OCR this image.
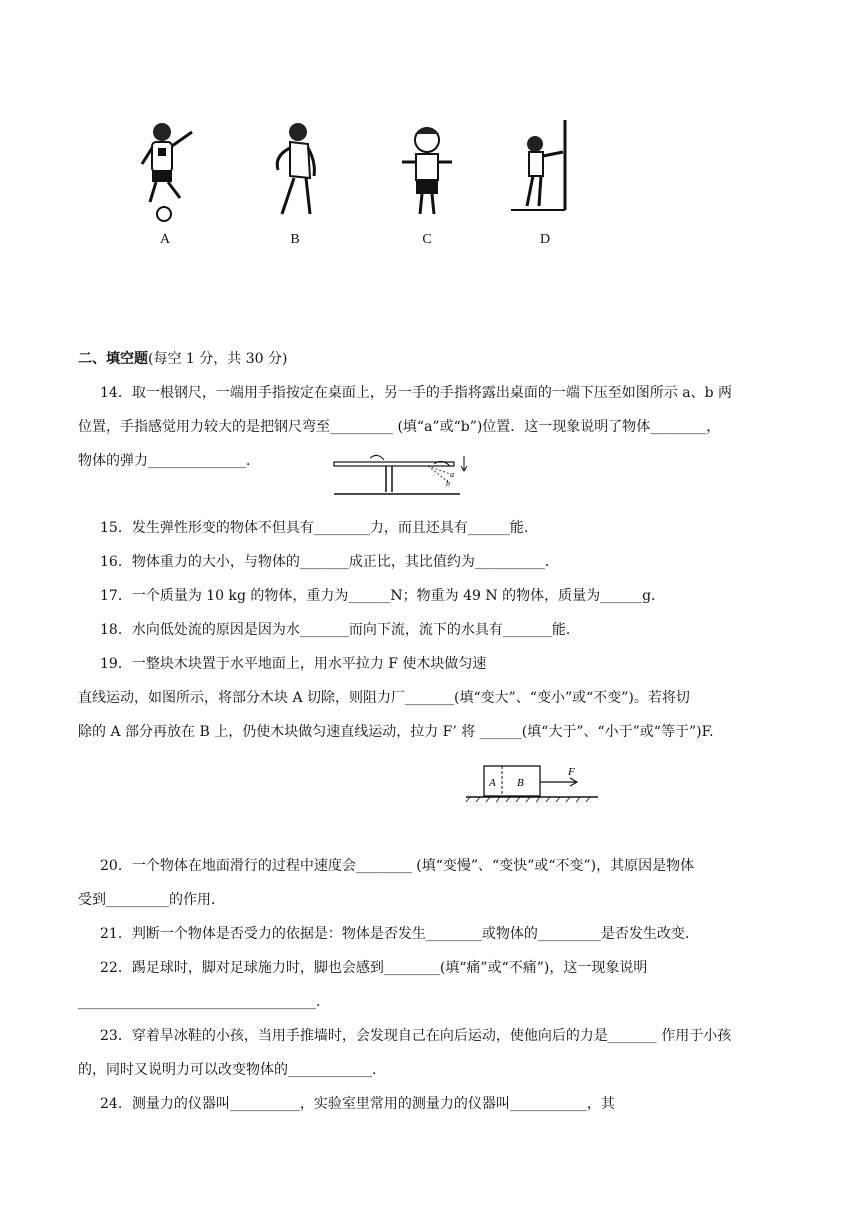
A	B	C	D
二、填空题(每空 1 分，共 30 分)
14．取一根钢尺，一端用手指按定在桌面上，另一手的手指将露出桌面的一端下压至如图所示 a、b 两
位置，手指感觉用力较大的是把钢尺弯至_________ (填“a”或“b”)位置．这一现象说明了物体________，
物体的弹力______________．
a
b
15．发生弹性形变的物体不但具有________力，而且还具有______能．
16．物体重力的大小，与物体的_______成正比，其比值约为__________．
17．一个质量为 10 kg 的物体，重力为______N；物重为 49 N 的物体，质量为______g．
18．水向低处流的原因是因为水_______而向下流，流下的水具有_______能．
19．一整块木块置于水平地面上，用水平拉力 F 使木块做匀速
直线运动，如图所示，将部分木块 A 切除，则阻力厂_______(填“变大”、“变小”或“不变”)。若将切
除的 A 部分再放在 B 上，仍使木块做匀速直线运动，拉力 F’ 将 ______(填“大于”、“小于”或“等于”)F.
A B
F
20．一个物体在地面滑行的过程中速度会________ (填“变慢”、“变快”或“不变”)，其原因是物体
受到_________的作用．
21．判断一个物体是否受力的依据是：物体是否发生________或物体的_________是否发生改变.
22．踢足球时，脚对足球施力时，脚也会感到________(填“痛”或“不痛”)，这一现象说明
__________________________________.
23．穿着旱冰鞋的小孩，当用手推墙时，会发现自己在向后运动，使他向后的力是_______ 作用于小孩
的，同时又说明力可以改变物体的____________.
24．测量力的仪器叫__________，实验室里常用的测量力的仪器叫___________，其
